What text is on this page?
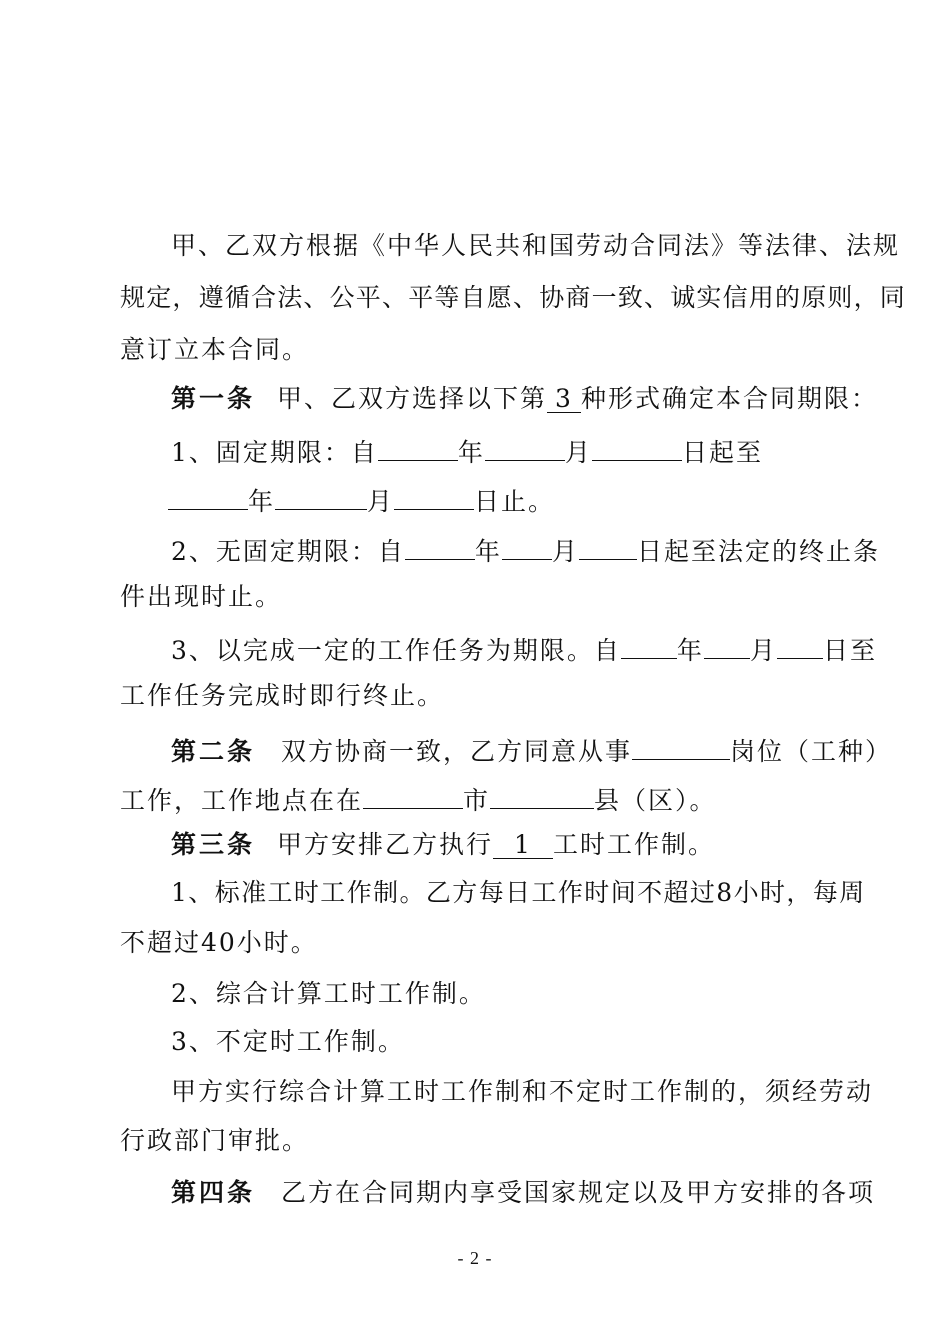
甲、乙双方根据《中华人民共和国劳动合同法》等法律、法规
规定，遵循合法、公平、平等自愿、协商一致、诚实信用的原则，同
意订立本合同。
第一条 甲、乙双方选择以下第 3 种形式确定本合同期限：
1、固定期限：自	年	月	日起至
年	月	日止。
2、无固定期限：自	年 月 日起至法定的终止条
件出现时止。
3、以完成一定的工作任务为期限。自 年 月 日至
工作任务完成时即行终止。
第二条 双方协商一致，乙方同意从事	岗位（工种）
工作，工作地点在在	市	县（区）。
第三条 甲方安排乙方执行 1 工时工作制。
1、标准工时工作制。乙方每日工作时间不超过8小时，每周
不超过40小时。
2、综合计算工时工作制。
3、不定时工作制。
甲方实行综合计算工时工作制和不定时工作制的，须经劳动
行政部门审批。
第四条 乙方在合同期内享受国家规定以及甲方安排的各项
- 2 -
